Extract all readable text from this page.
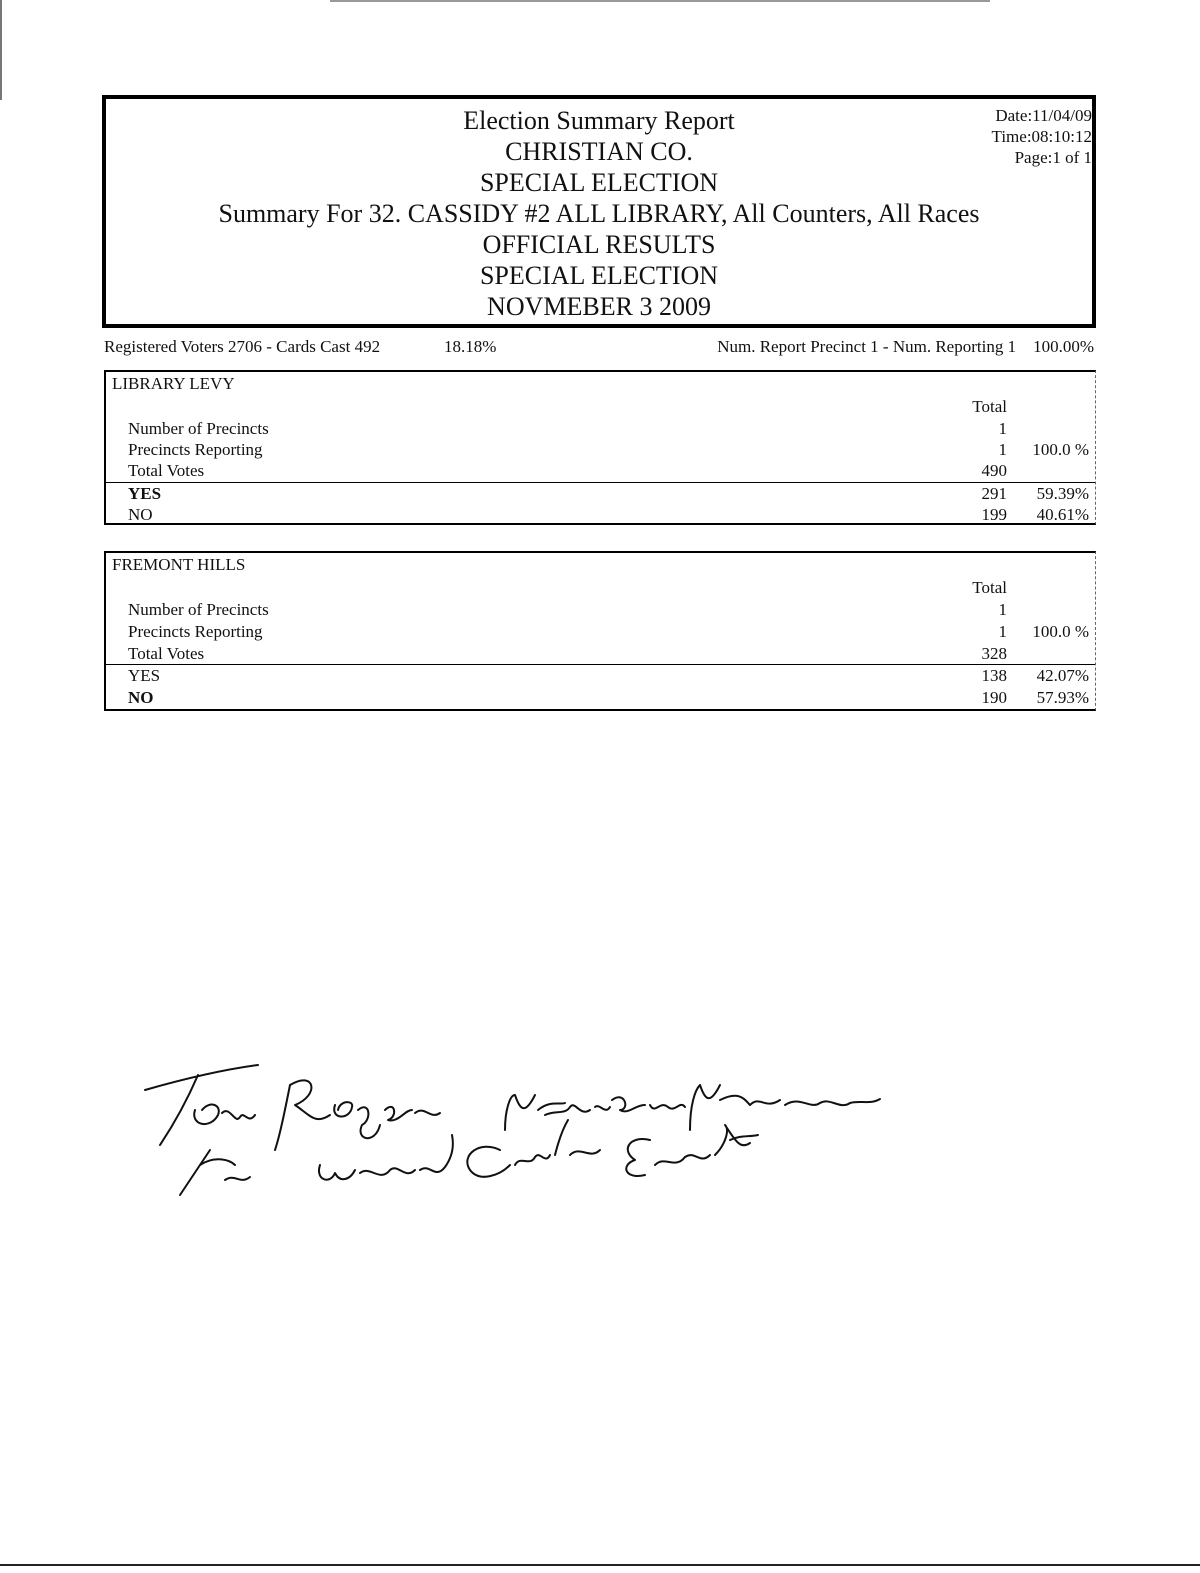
Election Summary Report
CHRISTIAN CO.
SPECIAL ELECTION
Summary For 32. CASSIDY #2 ALL LIBRARY, All Counters, All Races
OFFICIAL RESULTS
SPECIAL ELECTION
NOVMEBER 3 2009
Date:11/04/09
Time:08:10:12
Page:1 of 1
Registered Voters 2706 - Cards Cast 492	18.18%	Num. Report Precinct 1 - Num. Reporting 1 100.00%
LIBRARY LEVY
Total
Number of Precincts	1
Precincts Reporting	1 100.0 %
Total Votes	490
YES	291 59.39%
NO	199 40.61%
FREMONT HILLS
Total
Number of Precincts	1
Precincts Reporting	1 100.0 %
Total Votes	328
YES	138 42.07%
NO	190 57.93%
